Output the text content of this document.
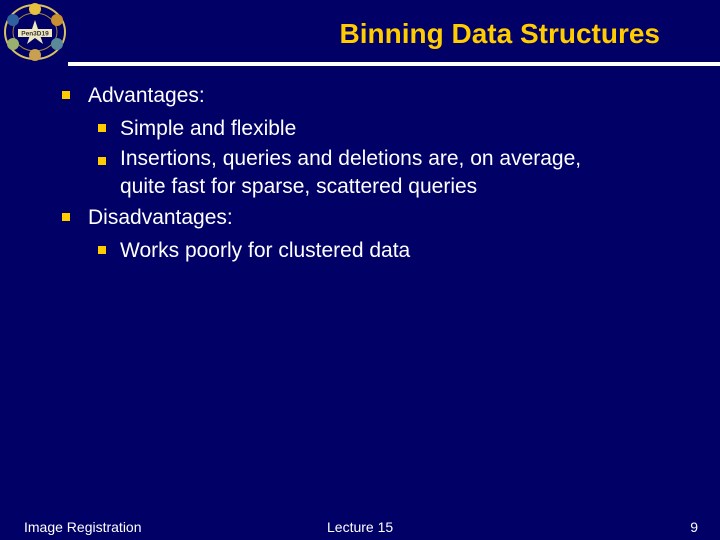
Pen3D19	Binning Data Structures
Advantages:
Simple and flexible
Insertions, queries and deletions are, on average,
quite fast for sparse, scattered queries
Disadvantages:
Works poorly for clustered data
Image Registration	Lecture 15	9
